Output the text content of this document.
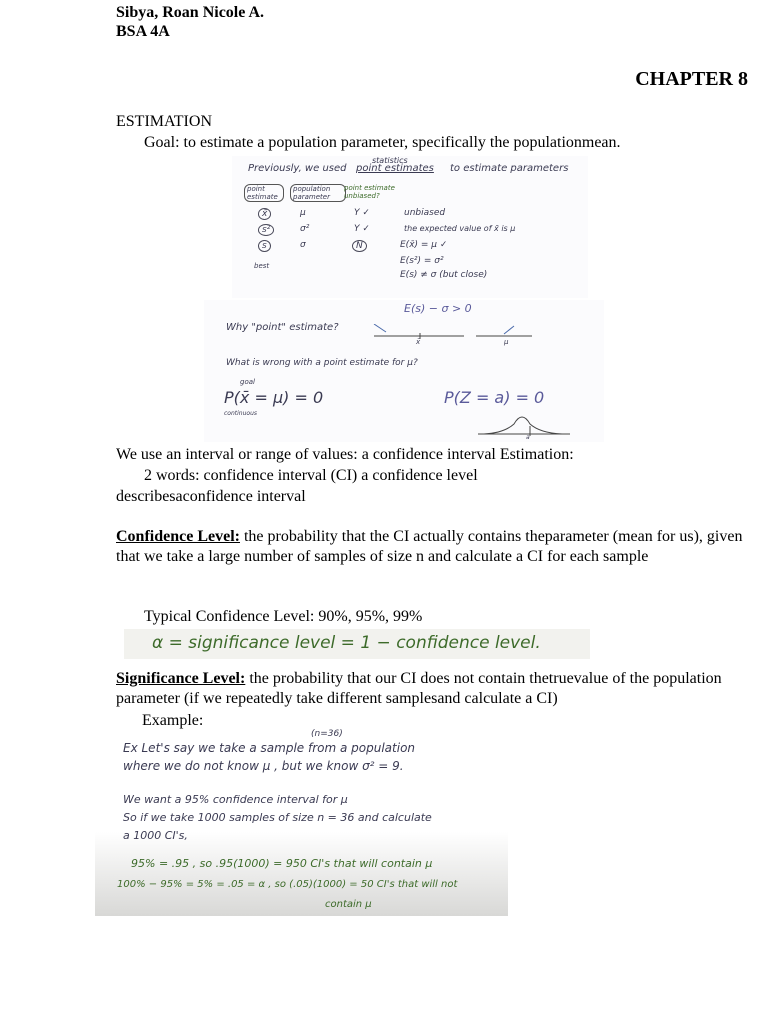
Sibya, Roan Nicole A.
BSA 4A
CHAPTER 8
ESTIMATION
Goal: to estimate a population parameter, specifically the populationmean.
statistics
Previously, we used point estimates to estimate parameters
point estimate
population parameter
point estimate unbiased?
x̄	μ	Y ✓	unbiased
s²	σ²	Y ✓	the expected value of x̄ is μ
s	σ	N	E(x̄) = μ ✓
E(s²) = σ²
E(s) ≠ σ (but close)
best
E(s) − σ > 0
Why "point" estimate?
x̄	μ
What is wrong with a point estimate for μ?
goal
P(x̄ = μ) = 0
continuous
P(Z = a) = 0
a
We use an interval or range of values: a confidence interval Estimation:
2 words: confidence interval (CI) a confidence level
describesaconfidence interval
Confidence Level: the probability that the CI actually contains theparameter (mean for us), given that we take a large number of samples of size n and calculate a CI for each sample
Typical Confidence Level: 90%, 95%, 99%
α = significance level = 1 − confidence level.
Significance Level: the probability that our CI does not contain thetruevalue of the population parameter (if we repeatedly take different samplesand calculate a CI)
Example:
(n=36)
Ex Let's say we take a sample from a population
where we do not know μ , but we know σ² = 9.
We want a 95% confidence interval for μ
So if we take 1000 samples of size n = 36 and calculate
a 1000 CI's,
95% = .95 , so .95(1000) = 950 CI's that will contain μ
100% − 95% = 5% = .05 = α , so (.05)(1000) = 50 CI's that will not
contain μ
